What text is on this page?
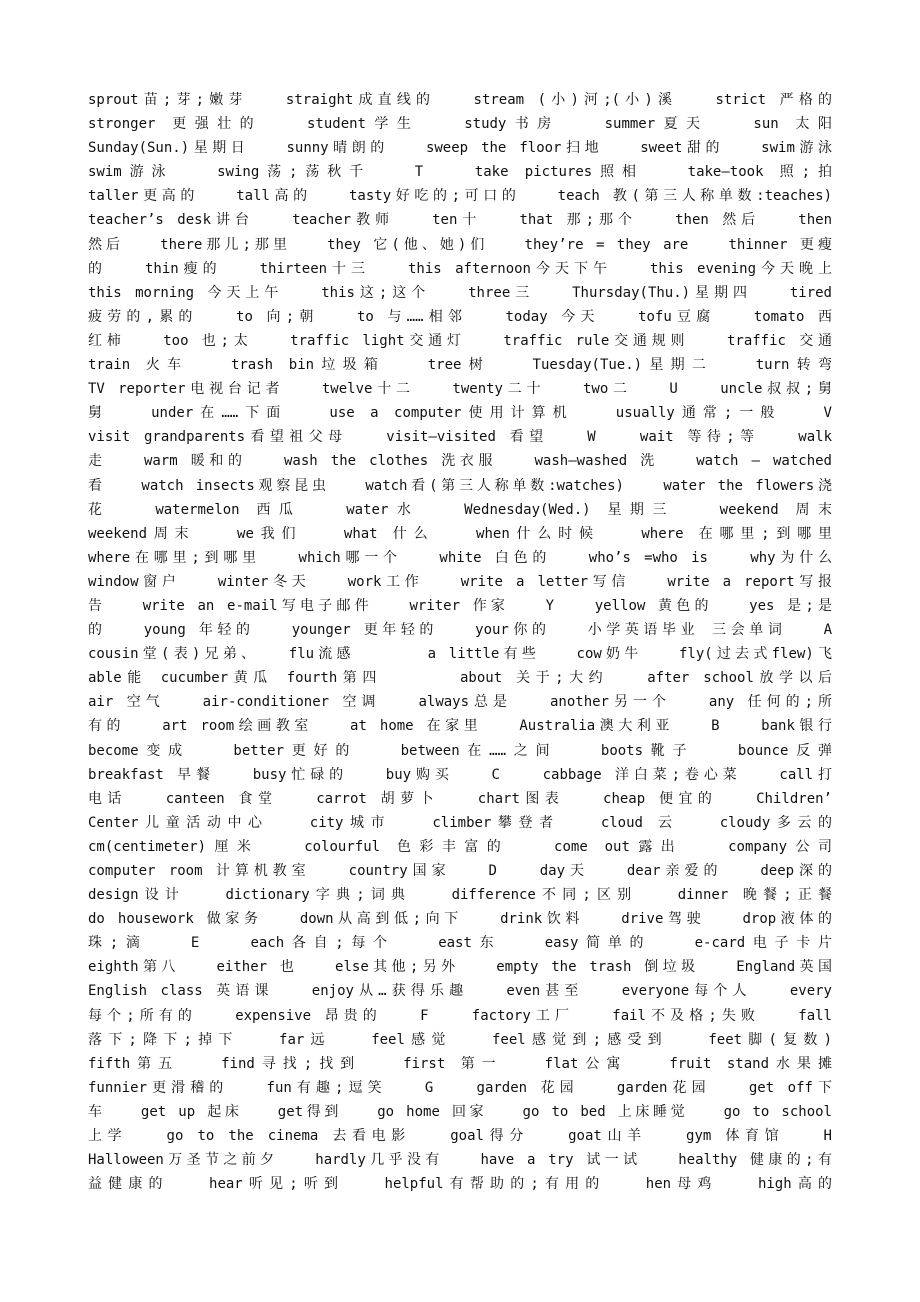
sprout苗;芽;嫩芽　　straight成直线的　　stream (小)河;(小)溪　　strict 严格的
stronger 更强壮的　　student学生　　study书房　　summer夏天　　sun 太阳
Sunday(Sun.)星期日　　sunny晴朗的　　sweep the floor扫地　　sweet甜的　　swim游泳
swim游泳　　swing荡;荡秋千　　T　　take pictures照相　　take—took 照;拍
taller更高的　　tall高的　　tasty好吃的;可口的　　teach 教(第三人称单数:teaches)
teacher’s desk讲台　　teacher教师　　ten十　　that 那;那个　　then 然后　　then
然后　　there那儿;那里　　they 它(他、她)们　　they’re = they are　　thinner 更瘦
的　　thin瘦的　　thirteen十三　　this afternoon今天下午　　this evening今天晚上
this morning 今天上午　　this这;这个　　three三　　Thursday(Thu.)星期四　　tired
疲劳的,累的　　to 向;朝　　to 与……相邻　　today 今天　　tofu豆腐　　tomato 西
红柿　　too 也;太　　traffic light交通灯　　traffic rule交通规则　　traffic 交通
train 火车　　trash bin垃圾箱　　tree树　　Tuesday(Tue.)星期二　　turn转弯
TV reporter电视台记者　　twelve十二　　twenty二十　　two二　　U　　uncle叔叔;舅
舅　　under在……下面　　use a computer使用计算机　　usually通常;一般　　V
visit grandparents看望祖父母　　visit—visited 看望　　W　　wait 等待;等　　walk
走　　warm 暖和的　　wash the clothes 洗衣服　　wash—washed 洗　　watch — watched
看　　watch insects观察昆虫　　watch看(第三人称单数:watches)　　water the flowers浇
花　　watermelon 西瓜　　water水　　Wednesday(Wed.) 星期三　　weekend 周末
weekend周末　　we我们　　what 什么　　when什么时候　　where 在哪里;到哪里
where在哪里;到哪里　　which哪一个　　white 白色的　　who’s =who is　　why为什么
window窗户　　winter冬天　　work工作　　write a letter写信　　write a report写报
告　　write an e-mail写电子邮件　　writer 作家　　Y　　yellow 黄色的　　yes 是;是
的　　young 年轻的　　younger 更年轻的　　your你的　　小学英语毕业 三会单词　　A
cousin堂(表)兄弟、　　flu流感　　　　a little有些　　cow奶牛　　fly(过去式flew)飞
able能 cucumber黄瓜 fourth第四　　　　about 关于;大约　　after school放学以后
air 空气　　air-conditioner 空调　　always总是　　another另一个　　any 任何的;所
有的　　art room绘画教室　　at home 在家里　　Australia澳大利亚　　B　　bank银行
become变成　　better更好的　　between在……之间　　boots靴子　　bounce反弹
breakfast 早餐　　busy忙碌的　　buy购买　　C　　cabbage 洋白菜;卷心菜　　call打
电话　　canteen 食堂　　carrot 胡萝卜　　chart图表　　cheap 便宜的　　Children’
Center儿童活动中心　　city城市　　climber攀登者　　cloud 云　　cloudy多云的
cm(centimeter)厘米　　colourful 色彩丰富的　　come out露出　　company公司
computer room 计算机教室　　country国家　　D　　day天　　dear亲爱的　　deep深的
design设计　　dictionary字典;词典　　difference不同;区别　　dinner 晚餐;正餐
do housework 做家务　　down从高到低;向下　　drink饮料　　drive驾驶　　drop液体的
珠;滴　　E　　each各自;每个　　east东　　easy简单的　　e-card电子卡片
eighth第八　　either 也　　else其他;另外　　empty the trash 倒垃圾　　England英国
English class 英语课　　enjoy从…获得乐趣　　even甚至　　everyone每个人　　every
每个;所有的　　expensive 昂贵的　　F　　factory工厂　　fail不及格;失败　　fall
落下;降下;掉下　　far远　　feel感觉　　feel感觉到;感受到　　feet脚(复数)
fifth第五　　find寻找;找到　　first 第一　　flat公寓　　fruit stand水果摊
funnier更滑稽的　　fun有趣;逗笑　　G　　garden 花园　　garden花园　　get off下
车　　get up 起床　　get得到　　go home 回家　　go to bed 上床睡觉　　go to school
上学　　go to the cinema 去看电影　　goal得分　　goat山羊　　gym 体育馆　　H
Halloween万圣节之前夕　　hardly几乎没有　　have a try 试一试　　healthy 健康的;有
益健康的　　hear听见;听到　　helpful有帮助的;有用的　　hen母鸡　　high高的
